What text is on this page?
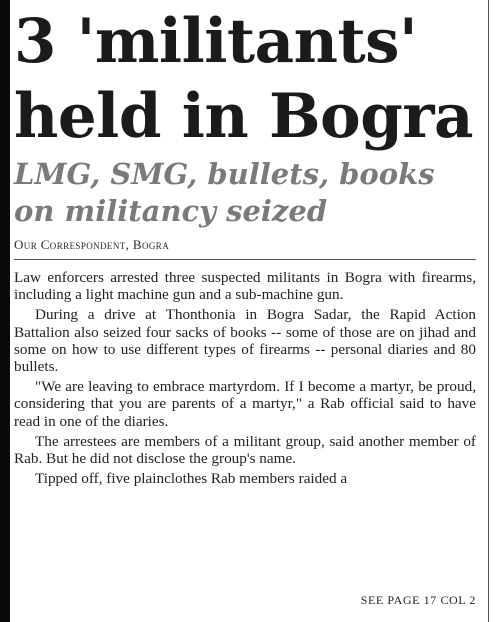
3 'militants'
held in Bogra
LMG, SMG, bullets, books
on militancy seized
Our Correspondent, Bogra

Law enforcers arrested three suspected militants in Bogra with firearms, including a light machine gun and a sub-machine gun.

During a drive at Thonthonia in Bogra Sadar, the Rapid Action Battalion also seized four sacks of books -- some of those are on jihad and some on how to use different types of firearms -- personal diaries and 80 bullets.

"We are leaving to embrace martyrdom. If I become a martyr, be proud, considering that you are parents of a martyr," a Rab official said to have read in one of the diaries.

The arrestees are members of a militant group, said another member of Rab. But he did not disclose the group's name.

Tipped off, five plainclothes Rab members raided a

SEE PAGE 17 COL 2
